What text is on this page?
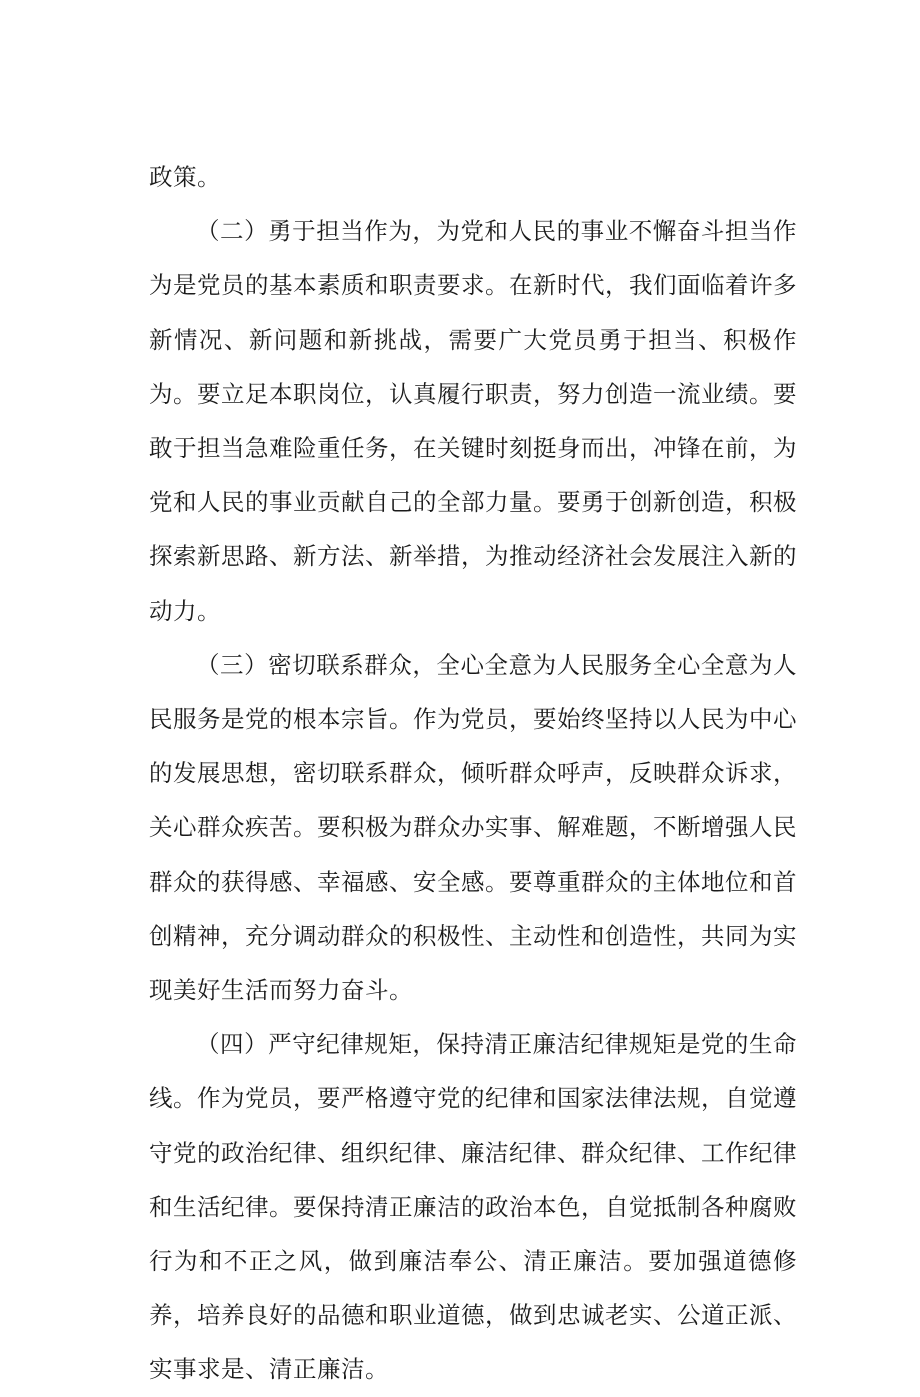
政策。

（二）勇于担当作为，为党和人民的事业不懈奋斗担当作为是党员的基本素质和职责要求。在新时代，我们面临着许多新情况、新问题和新挑战，需要广大党员勇于担当、积极作为。要立足本职岗位，认真履行职责，努力创造一流业绩。要敢于担当急难险重任务，在关键时刻挺身而出，冲锋在前，为党和人民的事业贡献自己的全部力量。要勇于创新创造，积极探索新思路、新方法、新举措，为推动经济社会发展注入新的动力。

（三）密切联系群众，全心全意为人民服务全心全意为人民服务是党的根本宗旨。作为党员，要始终坚持以人民为中心的发展思想，密切联系群众，倾听群众呼声，反映群众诉求，关心群众疾苦。要积极为群众办实事、解难题，不断增强人民群众的获得感、幸福感、安全感。要尊重群众的主体地位和首创精神，充分调动群众的积极性、主动性和创造性，共同为实现美好生活而努力奋斗。

（四）严守纪律规矩，保持清正廉洁纪律规矩是党的生命线。作为党员，要严格遵守党的纪律和国家法律法规，自觉遵守党的政治纪律、组织纪律、廉洁纪律、群众纪律、工作纪律和生活纪律。要保持清正廉洁的政治本色，自觉抵制各种腐败行为和不正之风，做到廉洁奉公、清正廉洁。要加强道德修养，培养良好的品德和职业道德，做到忠诚老实、公道正派、实事求是、清正廉洁。
